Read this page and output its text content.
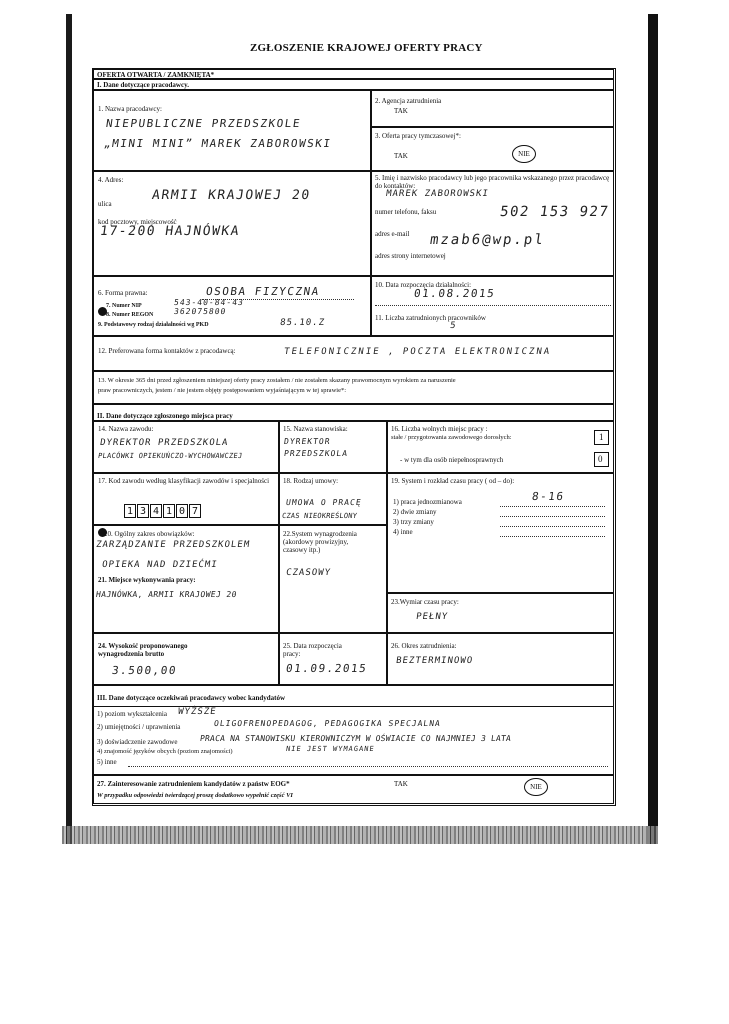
ZGŁOSZENIE KRAJOWEJ OFERTY PRACY
OFERTA OTWARTA / ZAMKNIĘTA*
I. Dane dotyczące pracodawcy.
1. Nazwa pracodawcy:
NIEPUBLICZNE PRZEDSZKOLE
„MINI MINI” MAREK ZABOROWSKI
2. Agencja zatrudnienia
TAK
3. Oferta pracy tymczasowej*:
TAK	NIE
4. Adres:
ulica
ARMII KRAJOWEJ 20
kod pocztowy, miejscowość
17-200 HAJNÓWKA
5. Imię i nazwisko pracodawcy lub jego pracownika wskazanego przez pracodawcę do kontaktów:
MAREK ZABOROWSKI
numer telefonu, faksu	502 153 927
adres e-mail mzab6@wp.pl
adres strony internetowej
6. Forma prawna:	OSOBA FIZYCZNA
7. Numer NIP	543-40-84-43
8. Numer REGON 362075800
9. Podstawowy rodzaj działalności wg PKD	85.10.Z
10. Data rozpoczęcia działalności:
01.08.2015
11. Liczba zatrudnionych pracowników
5
12. Preferowana forma kontaktów z pracodawcą:	TELEFONICZNIE , POCZTA ELEKTRONICZNA
13. W okresie 365 dni przed zgłoszeniem niniejszej oferty pracy zostałem / nie zostałem skazany prawomocnym wyrokiem za naruszenie
praw pracowniczych, jestem / nie jestem objęty postępowaniem wyjaśniającym w tej sprawie*:
II. Dane dotyczące zgłoszonego miejsca pracy
14. Nazwa zawodu:
DYREKTOR PRZEDSZKOLA
PLACÓWKI OPIEKUŃCZO-WYCHOWAWCZEJ
15. Nazwa stanowiska:
DYREKTOR
PRZEDSZKOLA
16. Liczba wolnych miejsc pracy :
stałe / przygotowania zawodowego dorosłych:	1
- w tym dla osób niepełnosprawnych	0
17. Kod zawodu według klasyfikacji zawodów i specjalności
1 3 4 1 0 7
18. Rodzaj umowy:
UMOWA O PRACĘ
CZAS NIEOKREŚLONY
19. System i rozkład czasu pracy ( od – do):
1) praca jednozmianowa	8-16
2) dwie zmiany
3) trzy zmiany
4) inne
20. Ogólny zakres obowiązków:
ZARZĄDZANIE PRZEDSZKOLEM
OPIEKA NAD DZIEĆMI
21. Miejsce wykonywania pracy:
HAJNÓWKA, ARMII KRAJOWEJ 20
22.System wynagrodzenia
(akordowy prowizyjny,
czasowy itp.)
CZASOWY
23.Wymiar czasu pracy:
PEŁNY
24. Wysokość proponowanego
wynagrodzenia brutto
3.500,00
25. Data rozpoczęcia
pracy:
01.09.2015
26. Okres zatrudnienia:
BEZTERMINOWO
III. Dane dotyczące oczekiwań pracodawcy wobec kandydatów
1) poziom wykształcenia WYŻSZE
2) umiejętności / uprawnienia	OLIGOFRENOPEDAGOG, PEDAGOGIKA SPECJALNA
3) doświadczenie zawodowe	PRACA NA STANOWISKU KIEROWNICZYM W OŚWIACIE CO NAJMNIEJ 3 LATA
4) znajomość języków obcych (poziom znajomości)	NIE JEST WYMAGANE
5) inne
27. Zainteresowanie zatrudnieniem kandydatów z państw EOG*	TAK	NIE
W przypadku odpowiedzi twierdzącej proszę dodatkowo wypełnić część VI
